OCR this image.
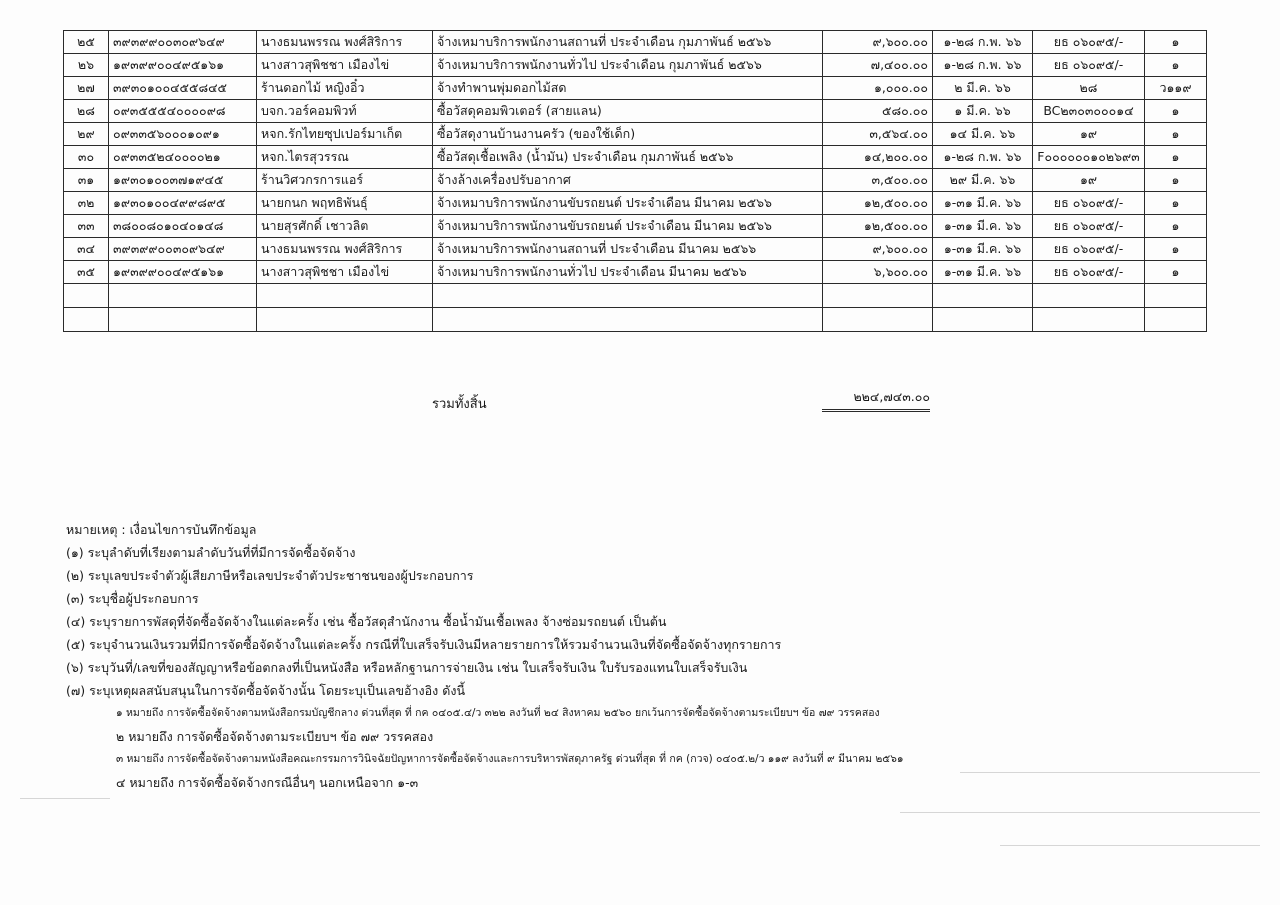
๒๕	๓๙๓๙๙๐๐๓๐๙๖๔๙	นางธมนพรรณ พงศ์สิริการ	จ้างเหมาบริการพนักงานสถานที่ ประจำเดือน กุมภาพันธ์ ๒๕๖๖	๙,๖๐๐.๐๐	๑-๒๘ ก.พ. ๖๖	ยธ ๐๖๐๙๕/-	๑
๒๖	๑๙๓๙๙๐๐๔๙๕๑๖๑	นางสาวสุพิชชา เมืองไข่	จ้างเหมาบริการพนักงานทั่วไป ประจำเดือน กุมภาพันธ์ ๒๕๖๖	๗,๔๐๐.๐๐	๑-๒๘ ก.พ. ๖๖	ยธ ๐๖๐๙๕/-	๑
๒๗	๓๙๓๐๑๐๐๔๕๕๘๔๕	ร้านดอกไม้ หญิงอิ๋ว	จ้างทำพานพุ่มดอกไม้สด	๑,๐๐๐.๐๐	๒ มี.ค. ๖๖	๒๘	ว๑๑๙
๒๘	๐๙๓๕๕๕๔๐๐๐๐๙๘	บจก.วอร์คอมพิวท์	ซื้อวัสดุคอมพิวเตอร์ (สายแลน)	๕๘๐.๐๐	๑ มี.ค. ๖๖	BC๒๓๐๓๐๐๐๑๔	๑
๒๙	๐๙๓๓๕๖๐๐๐๑๐๙๑	หจก.รักไทยซุปเปอร์มาเก็ต	ซื้อวัสดุงานบ้านงานครัว (ของใช้เด็ก)	๓,๕๖๔.๐๐	๑๔ มี.ค. ๖๖	๑๙	๑
๓๐	๐๙๓๓๕๒๔๐๐๐๐๒๑	หจก.ไตรสุวรรณ	ซื้อวัสดุเชื้อเพลิง (น้ำมัน) ประจำเดือน กุมภาพันธ์ ๒๕๖๖	๑๔,๒๐๐.๐๐	๑-๒๘ ก.พ. ๖๖	F๐๐๐๐๐๐๑๐๒๖๙๓	๑
๓๑	๑๙๓๐๑๐๐๓๗๑๙๔๕	ร้านวิศวกรการแอร์	จ้างล้างเครื่องปรับอากาศ	๓,๕๐๐.๐๐	๒๙ มี.ค. ๖๖	๑๙	๑
๓๒	๑๙๓๐๑๐๐๔๙๙๘๙๕	นายกนก พฤทธิพันธุ์	จ้างเหมาบริการพนักงานขับรถยนต์ ประจำเดือน มีนาคม ๒๕๖๖	๑๒,๕๐๐.๐๐	๑-๓๑ มี.ค. ๖๖	ยธ ๐๖๐๙๕/-	๑
๓๓	๓๘๐๐๘๐๑๐๔๐๑๔๘	นายสุรศักดิ์ เชาวลิต	จ้างเหมาบริการพนักงานขับรถยนต์ ประจำเดือน มีนาคม ๒๕๖๖	๑๒,๕๐๐.๐๐	๑-๓๑ มี.ค. ๖๖	ยธ ๐๖๐๙๕/-	๑
๓๔	๓๙๓๙๙๐๐๓๐๙๖๔๙	นางธมนพรรณ พงศ์สิริการ	จ้างเหมาบริการพนักงานสถานที่ ประจำเดือน มีนาคม ๒๕๖๖	๙,๖๐๐.๐๐	๑-๓๑ มี.ค. ๖๖	ยธ ๐๖๐๙๕/-	๑
๓๕	๑๙๓๙๙๐๐๔๙๕๑๖๑	นางสาวสุพิชชา เมืองไข่	จ้างเหมาบริการพนักงานทั่วไป ประจำเดือน มีนาคม ๒๕๖๖	๖,๖๐๐.๐๐	๑-๓๑ มี.ค. ๖๖	ยธ ๐๖๐๙๕/-	๑

รวมทั้งสิ้น
๒๒๔,๗๔๓.๐๐
หมายเหตุ : เงื่อนไขการบันทึกข้อมูล
(๑) ระบุลำดับที่เรียงตามลำดับวันที่ที่มีการจัดซื้อจัดจ้าง
(๒) ระบุเลขประจำตัวผู้เสียภาษีหรือเลขประจำตัวประชาชนของผู้ประกอบการ
(๓) ระบุชื่อผู้ประกอบการ
(๔) ระบุรายการพัสดุที่จัดซื้อจัดจ้างในแต่ละครั้ง เช่น ซื้อวัสดุสำนักงาน ซื้อน้ำมันเชื้อเพลง จ้างซ่อมรถยนต์ เป็นต้น
(๕) ระบุจำนวนเงินรวมที่มีการจัดซื้อจัดจ้างในแต่ละครั้ง กรณีที่ใบเสร็จรับเงินมีหลายรายการให้รวมจำนวนเงินที่จัดซื้อจัดจ้างทุกรายการ
(๖) ระบุวันที่/เลขที่ของสัญญาหรือข้อตกลงที่เป็นหนังสือ หรือหลักฐานการจ่ายเงิน เช่น ใบเสร็จรับเงิน ใบรับรองแทนใบเสร็จรับเงิน
(๗) ระบุเหตุผลสนับสนุนในการจัดซื้อจัดจ้างนั้น โดยระบุเป็นเลขอ้างอิง ดังนี้
๑ หมายถึง การจัดซื้อจัดจ้างตามหนังสือกรมบัญชีกลาง ด่วนที่สุด ที่ กค ๐๔๐๕.๔/ว ๓๒๒ ลงวันที่ ๒๔ สิงหาคม ๒๕๖๐ ยกเว้นการจัดซื้อจัดจ้างตามระเบียบฯ ข้อ ๗๙ วรรคสอง
๒ หมายถึง การจัดซื้อจัดจ้างตามระเบียบฯ ข้อ ๗๙ วรรคสอง
๓ หมายถึง การจัดซื้อจัดจ้างตามหนังสือคณะกรรมการวินิจฉัยปัญหาการจัดซื้อจัดจ้างและการบริหารพัสดุภาครัฐ ด่วนที่สุด ที่ กค (กวจ) ๐๔๐๕.๒/ว ๑๑๙ ลงวันที่ ๙ มีนาคม ๒๕๖๑
๔ หมายถึง การจัดซื้อจัดจ้างกรณีอื่นๆ นอกเหนือจาก ๑-๓
